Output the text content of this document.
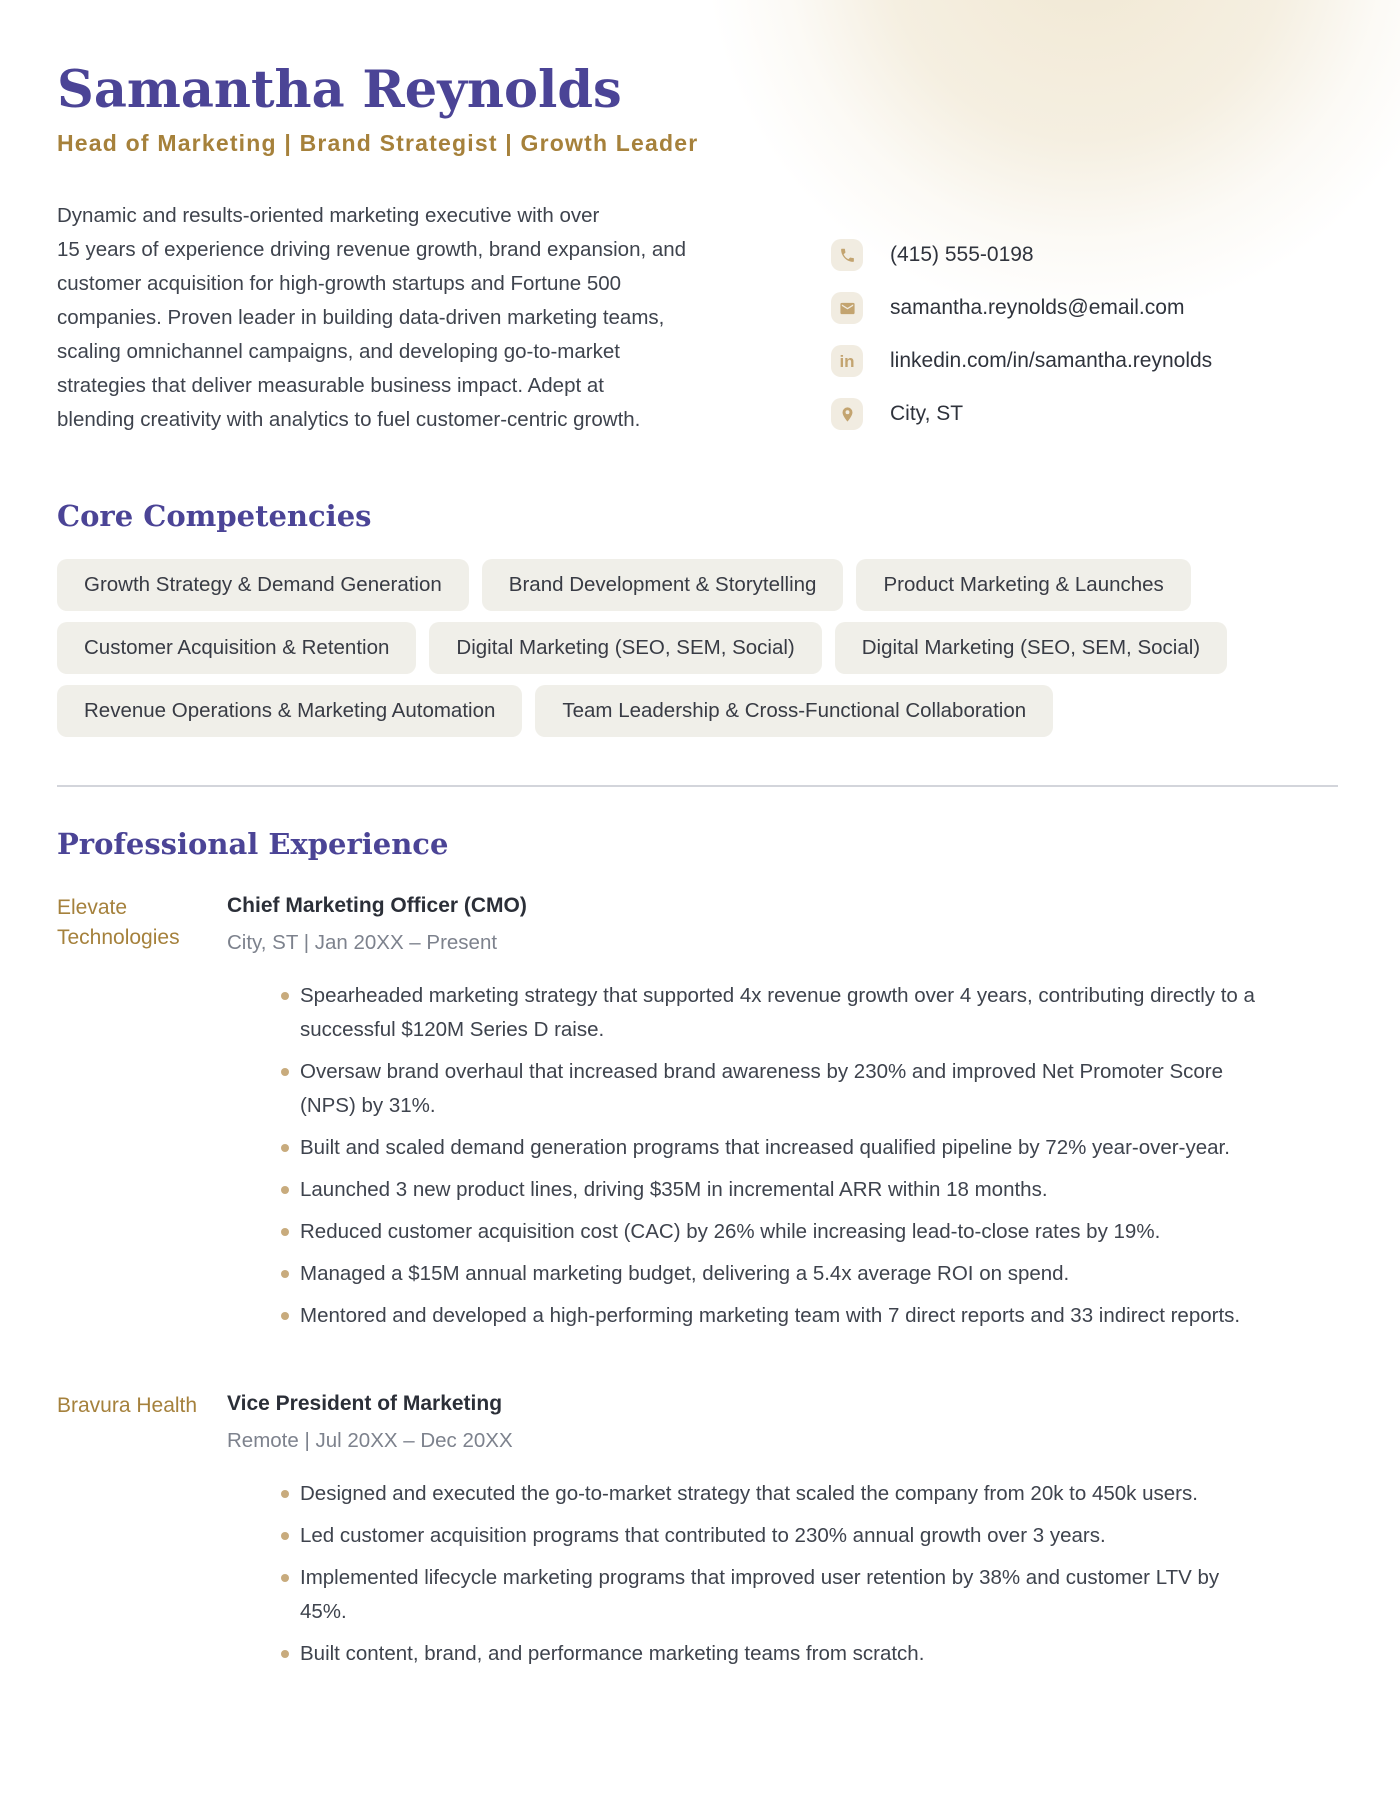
Samantha Reynolds
Head of Marketing | Brand Strategist | Growth Leader
Dynamic and results-oriented marketing executive with over
15 years of experience driving revenue growth, brand expansion, and
customer acquisition for high-growth startups and Fortune 500
companies. Proven leader in building data-driven marketing teams,
scaling omnichannel campaigns, and developing go-to-market
strategies that deliver measurable business impact. Adept at
blending creativity with analytics to fuel customer-centric growth.
(415) 555-0198
samantha.reynolds@email.com
in linkedin.com/in/samantha.reynolds
City, ST
Core Competencies
Growth Strategy & Demand Generation	Brand Development & Storytelling	Product Marketing & Launches
Customer Acquisition & Retention	Digital Marketing (SEO, SEM, Social)	Digital Marketing (SEO, SEM, Social)
Revenue Operations & Marketing Automation	Team Leadership & Cross-Functional Collaboration
Professional Experience
Elevate Technologies
Chief Marketing Officer (CMO)
City, ST | Jan 20XX – Present
Spearheaded marketing strategy that supported 4x revenue growth over 4 years, contributing directly to a successful $120M Series D raise.
Oversaw brand overhaul that increased brand awareness by 230% and improved Net Promoter Score (NPS) by 31%.
Built and scaled demand generation programs that increased qualified pipeline by 72% year-over-year.
Launched 3 new product lines, driving $35M in incremental ARR within 18 months.
Reduced customer acquisition cost (CAC) by 26% while increasing lead-to-close rates by 19%.
Managed a $15M annual marketing budget, delivering a 5.4x average ROI on spend.
Mentored and developed a high-performing marketing team with 7 direct reports and 33 indirect reports.
Bravura Health	Vice President of Marketing
Remote | Jul 20XX – Dec 20XX
Designed and executed the go-to-market strategy that scaled the company from 20k to 450k users.
Led customer acquisition programs that contributed to 230% annual growth over 3 years.
Implemented lifecycle marketing programs that improved user retention by 38% and customer LTV by 45%.
Built content, brand, and performance marketing teams from scratch.
